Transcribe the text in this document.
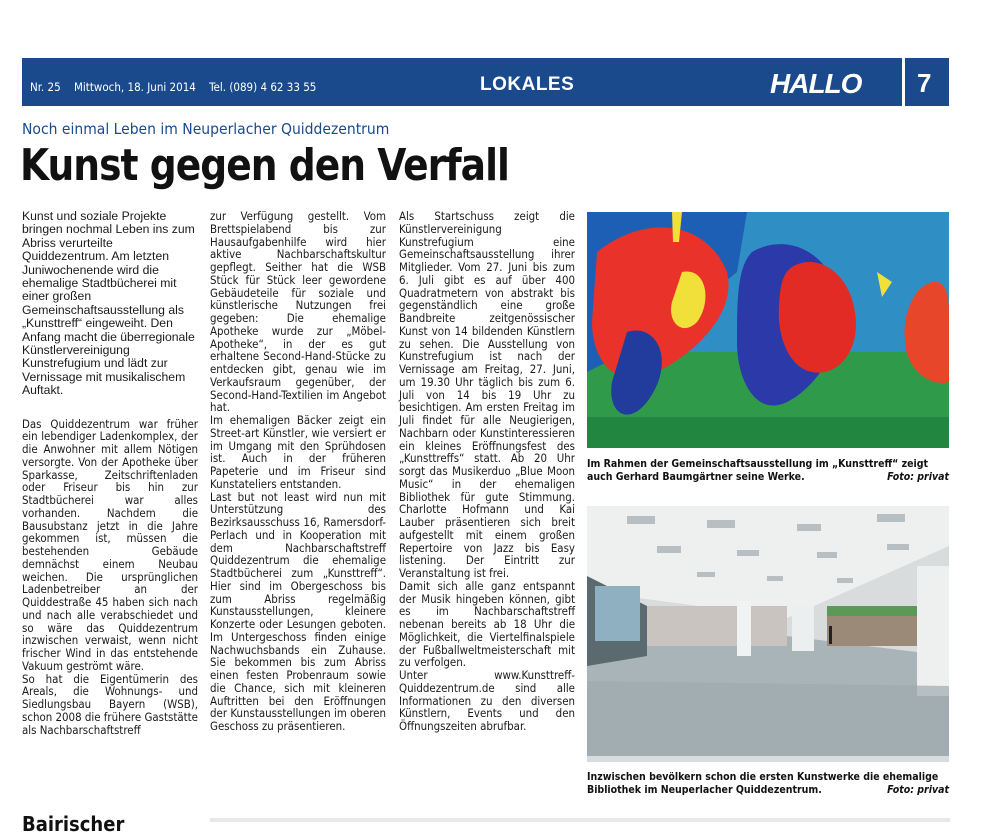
Nr. 25 Mittwoch, 18. Juni 2014 Tel. (089) 4 62 33 55	LOKALES	HALLO 7
Noch einmal Leben im Neuperlacher Quiddezentrum
Kunst gegen den Verfall

Kunst und soziale Projekte bringen nochmal Leben ins zum Abriss verurteilte Quiddezentrum. Am letzten Juniwochenende wird die ehemalige Stadtbücherei mit einer großen Gemeinschaftsausstellung als „Kunsttreff“ eingeweiht. Den Anfang macht die überregionale Künstlervereinigung Kunstrefugium und lädt zur Vernissage mit musikalischem Auftakt.

Das Quiddezentrum war früher ein lebendiger Ladenkomplex, der die Anwohner mit allem Nötigen versorgte. Von der Apotheke über Sparkasse, Zeitschriftenladen oder Friseur bis hin zur Stadtbücherei war alles vorhanden. Nachdem die Bausubstanz jetzt in die Jahre gekommen ist, müssen die bestehenden Gebäude demnächst einem Neubau weichen. Die ursprünglichen Ladenbetreiber an der Quiddestraße 45 haben sich nach und nach alle verabschiedet und so wäre das Quiddezentrum inzwischen verwaist, wenn nicht frischer Wind in das entstehende Vakuum geströmt wäre.

So hat die Eigentümerin des Areals, die Wohnungs- und Siedlungsbau Bayern (WSB), schon 2008 die frühere Gaststätte als Nachbarschaftstreff

zur Verfügung gestellt. Vom Brettspielabend bis zur Hausaufgabenhilfe wird hier aktive Nachbarschaftskultur gepflegt. Seither hat die WSB Stück für Stück leer gewordene Gebäudeteile für soziale und künstlerische Nutzungen frei gegeben: Die ehemalige Apotheke wurde zur „Möbel-Apotheke“, in der es gut erhaltene Second-Hand-Stücke zu entdecken gibt, genau wie im Verkaufsraum gegenüber, der Second-Hand-Textilien im Angebot hat.

Im ehemaligen Bäcker zeigt ein Street-art Künstler, wie versiert er im Umgang mit den Sprühdosen ist. Auch in der früheren Papeterie und im Friseur sind Kunstateliers entstanden.

Last but not least wird nun mit Unterstützung des Bezirksausschuss 16, Ramersdorf-Perlach und in Kooperation mit dem Nachbarschaftstreff Quiddezentrum die ehemalige Stadtbücherei zum „Kunsttreff“. Hier sind im Obergeschoss bis zum Abriss regelmäßig Kunstausstellungen, kleinere Konzerte oder Lesungen geboten. Im Untergeschoss finden einige Nachwuchsbands ein Zuhause. Sie bekommen bis zum Abriss einen festen Probenraum sowie die Chance, sich mit kleineren Auftritten bei den Eröffnungen der Kunstausstellungen im oberen Geschoss zu präsentieren.

Als Startschuss zeigt die Künstlervereinigung Kunstrefugium eine Gemeinschaftsausstellung ihrer Mitglieder. Vom 27. Juni bis zum 6. Juli gibt es auf über 400 Quadratmetern von abstrakt bis gegenständlich eine große Bandbreite zeitgenössischer Kunst von 14 bildenden Künstlern zu sehen. Die Ausstellung von Kunstrefugium ist nach der Vernissage am Freitag, 27. Juni, um 19.30 Uhr täglich bis zum 6. Juli von 14 bis 19 Uhr zu besichtigen. Am ersten Freitag im Juli findet für alle Neugierigen, Nachbarn oder Kunstinteressieren ein kleines Eröffnungsfest des „Kunsttreffs“ statt. Ab 20 Uhr sorgt das Musikerduo „Blue Moon Music“ in der ehemaligen Bibliothek für gute Stimmung. Charlotte Hofmann und Kai Lauber präsentieren sich breit aufgestellt mit einem großen Repertoire von Jazz bis Easy listening. Der Eintritt zur Veranstaltung ist frei.

Damit sich alle ganz entspannt der Musik hingeben können, gibt es im Nachbarschaftstreff nebenan bereits ab 18 Uhr die Möglichkeit, die Viertelfinalspiele der Fußballweltmeisterschaft mit zu verfolgen.

Unter www.Kunsttreff-Quiddezentrum.de sind alle Informationen zu den diversen Künstlern, Events und den Öffnungszeiten abrufbar.

Im Rahmen der Gemeinschaftsausstellung im „Kunsttreff“ zeigt auch Gerhard Baumgärtner seine Werke.	Foto: privat
Inzwischen bevölkern schon die ersten Kunstwerke die ehemalige Bibliothek im Neuperlacher Quiddezentrum.	Foto: privat
Bairischer
